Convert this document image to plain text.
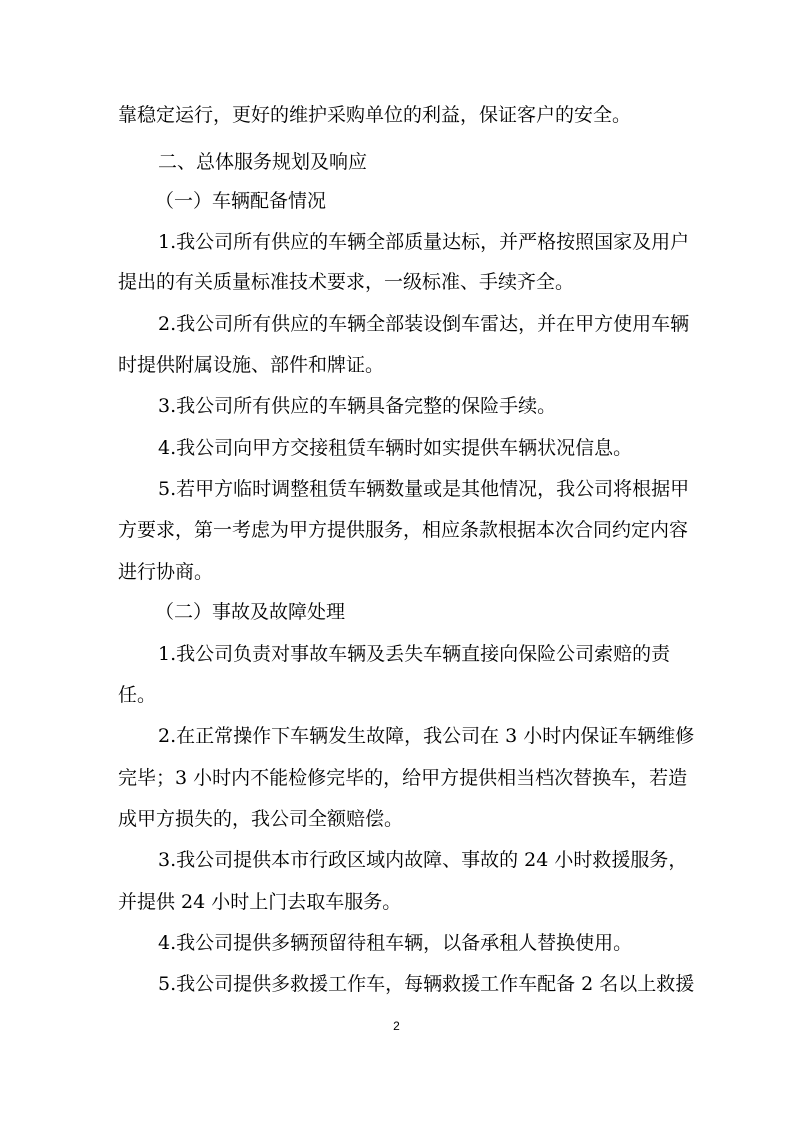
靠稳定运行，更好的维护采购单位的利益，保证客户的安全。

二、总体服务规划及响应

（一）车辆配备情况

1.我公司所有供应的车辆全部质量达标，并严格按照国家及用户

提出的有关质量标准技术要求，一级标准、手续齐全。

2.我公司所有供应的车辆全部装设倒车雷达，并在甲方使用车辆

时提供附属设施、部件和牌证。

3.我公司所有供应的车辆具备完整的保险手续。

4.我公司向甲方交接租赁车辆时如实提供车辆状况信息。

5.若甲方临时调整租赁车辆数量或是其他情况，我公司将根据甲

方要求，第一考虑为甲方提供服务，相应条款根据本次合同约定内容

进行协商。

（二）事故及故障处理

1.我公司负责对事故车辆及丢失车辆直接向保险公司索赔的责

任。

2.在正常操作下车辆发生故障，我公司在 3 小时内保证车辆维修

完毕；3 小时内不能检修完毕的，给甲方提供相当档次替换车，若造

成甲方损失的，我公司全额赔偿。

3.我公司提供本市行政区域内故障、事故的 24 小时救援服务，

并提供 24 小时上门去取车服务。

4.我公司提供多辆预留待租车辆，以备承租人替换使用。

5.我公司提供多救援工作车，每辆救援工作车配备 2 名以上救援

2
